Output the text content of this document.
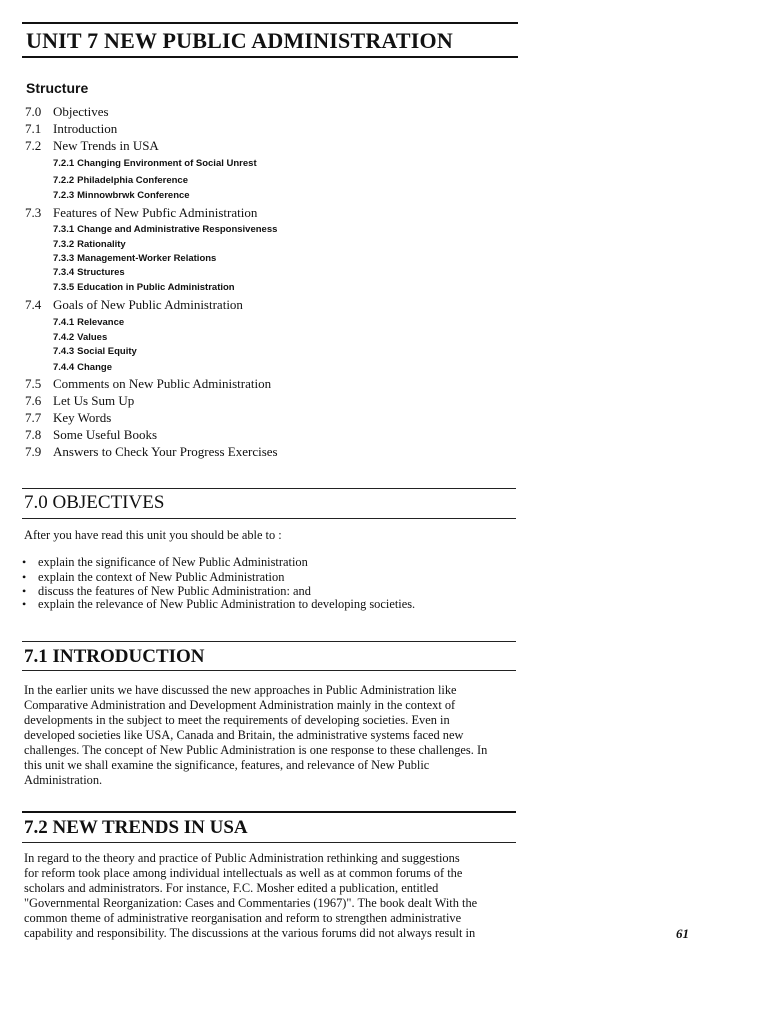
UNIT 7 NEW PUBLIC ADMINISTRATION
Structure
7.0 Objectives
7.1 Introduction
7.2 New Trends in USA
7.2.1 Changing Environment of Social Unrest
7.2.2 Philadelphia Conference
7.2.3 Minnowbrwk Conference
7.3 Features of New Pubfic Administration
7.3.1 Change and Administrative Responsiveness
7.3.2 Rationality
7.3.3 Management-Worker Relations
7.3.4 Structures
7.3.5 Education in Public Administration
7.4 Goals of New Public Administration
7.4.1 Relevance
7.4.2 Values
7.4.3 Social Equity
7.4.4 Change
7.5 Comments on New Public Administration
7.6 Let Us Sum Up
7.7 Key Words
7.8 Some Useful Books
7.9 Answers to Check Your Progress Exercises
7.0 OBJECTIVES
After you have read this unit you should be able to :
• explain the significance of New Public Administration
• explain the context of New Public Administration
• discuss the features of New Public Administration: and
• explain the relevance of New Public Administration to developing societies.
7.1 INTRODUCTION
In the earlier units we have discussed the new approaches in Public Administration like
Comparative Administration and Development Administration mainly in the context of
developments in the subject to meet the requirements of developing societies. Even in
developed societies like USA, Canada and Britain, the administrative systems faced new
challenges. The concept of New Public Administration is one response to these challenges. In
this unit we shall examine the significance, features, and relevance of New Public
Administration.
7.2 NEW TRENDS IN USA
In regard to the theory and practice of Public Administration rethinking and suggestions
for reform took place among individual intellectuals as well as at common forums of the
scholars and administrators. For instance, F.C. Mosher edited a publication, entitled
"Governmental Reorganization: Cases and Commentaries (1967)". The book dealt With the
common theme of administrative reorganisation and reform to strengthen administrative
capability and responsibility. The discussions at the various forums did not always result in	61
